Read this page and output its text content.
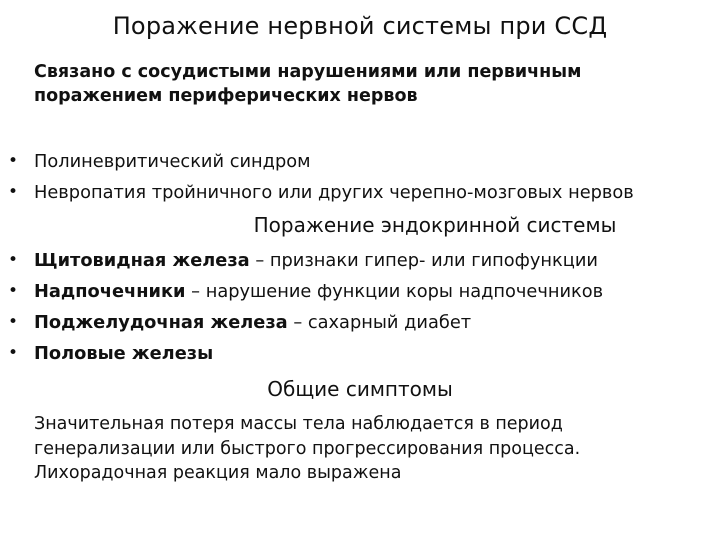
Поражение нервной системы при ССД
Связано с сосудистыми нарушениями или первичным
поражением периферических нервов
• Полиневритический синдром
• Невропатия тройничного или других черепно-мозговых нервов
Поражение эндокринной системы
• Щитовидная железа – признаки гипер- или гипофункции
• Надпочечники – нарушение функции коры надпочечников
• Поджелудочная железа – сахарный диабет
• Половые железы
Общие симптомы
Значительная потеря массы тела наблюдается в период
генерализации или быстрого прогрессирования процесса.
Лихорадочная реакция мало выражена
